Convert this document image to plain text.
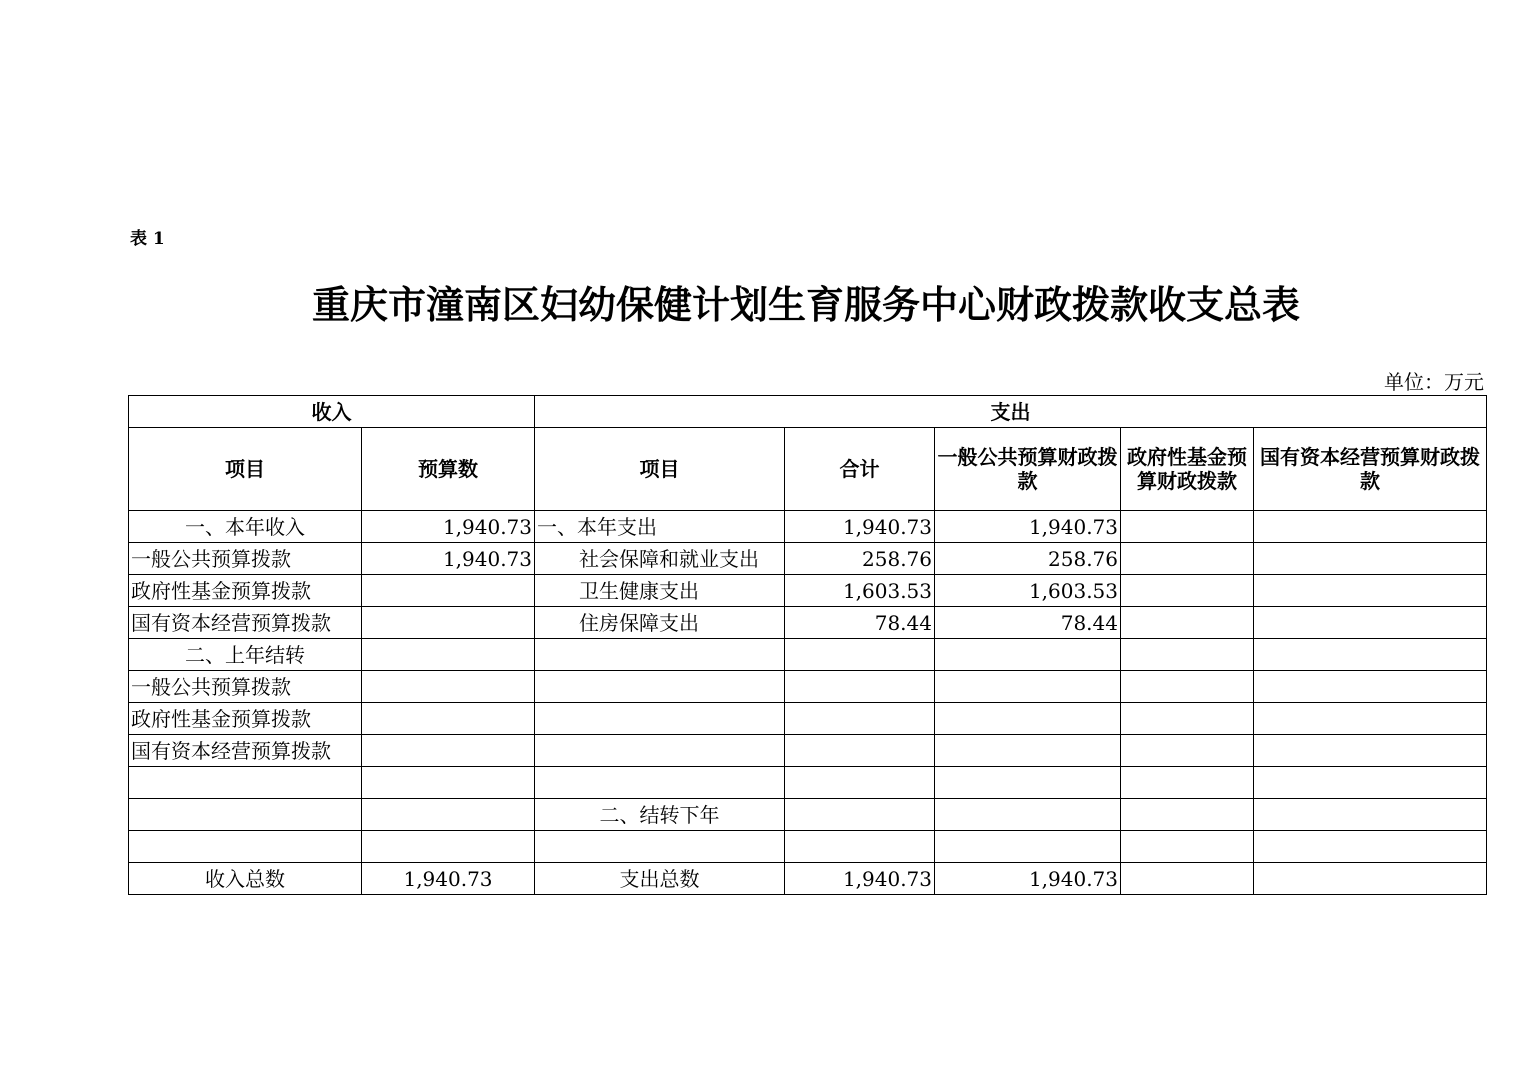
表 1
重庆市潼南区妇幼保健计划生育服务中心财政拨款收支总表
单位：万元
收入		支出				
项目	预算数	项目	合计	一般公共预算财政拨款	政府性基金预算财政拨款	国有资本经营预算财政拨款
一、本年收入	1,940.73	一、本年支出	1,940.73	1,940.73		
一般公共预算拨款	1,940.73	社会保障和就业支出	258.76	258.76		
政府性基金预算拨款		卫生健康支出	1,603.53	1,603.53		
国有资本经营预算拨款		住房保障支出	78.44	78.44		
二、上年结转						
一般公共预算拨款						
政府性基金预算拨款						
国有资本经营预算拨款						

		二、结转下年				

收入总数	1,940.73	支出总数	1,940.73	1,940.73		
